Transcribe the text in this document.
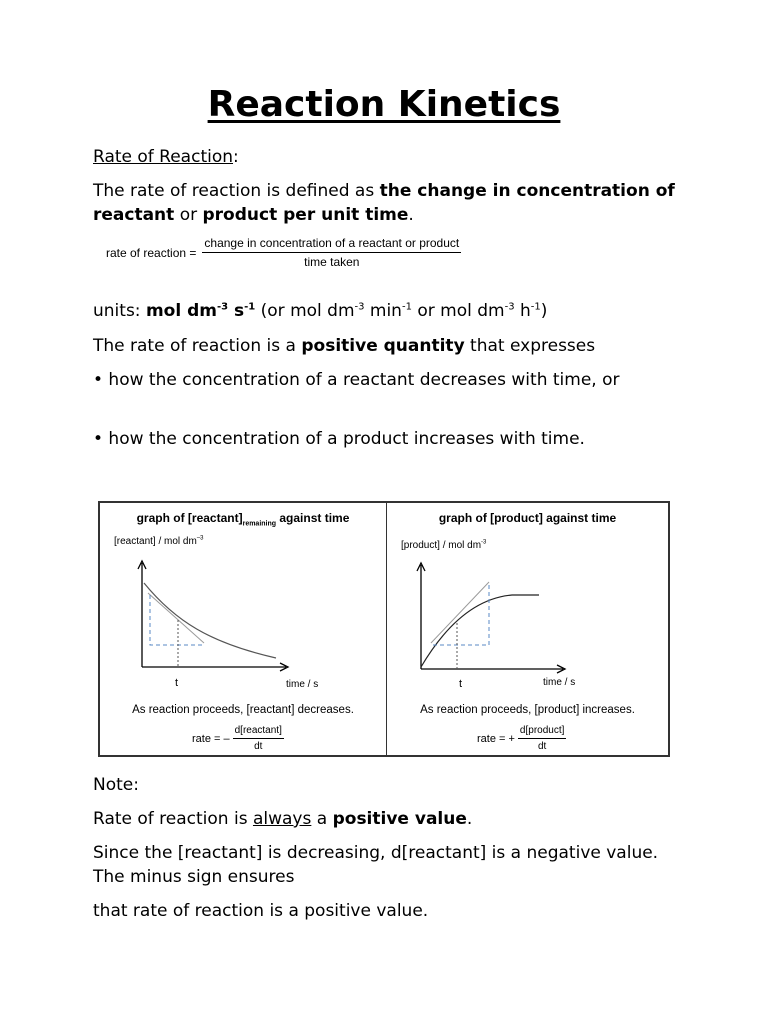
Reaction Kinetics

Rate of Reaction:

The rate of reaction is defined as the change in concentration of reactant or product per unit time.

rate of reaction = $\frac{\text{change in concentration of a reactant or product}}{\text{time taken}}$

units: mol $dm^{-3}$ $s^{-1}$ (or mol $dm^{-3}$ $\min^{-1}$ or mol $dm^{-3}$ $h^{-1}$)

The rate of reaction is a positive quantity that expresses

• how the concentration of a reactant decreases with time, or

• how the concentration of a product increases with time.

graph of $[reactant]_{remaining}$ against time
[reactant] / mol $dm^{-3}$
t	time / s
As reaction proceeds, [reactant] decreases.
rate = – $\frac{\text{d[reactant]}}{dt}$
graph of [product] against time
[product] / mol $dm^{-3}$
t	time / s
As reaction proceeds, [product] increases.
rate = + $\frac{\text{d[product]}}{dt}$

Note:

Rate of reaction is always a positive value.

Since the [reactant] is decreasing, d[reactant] is a negative value. The minus sign ensures

that rate of reaction is a positive value.
